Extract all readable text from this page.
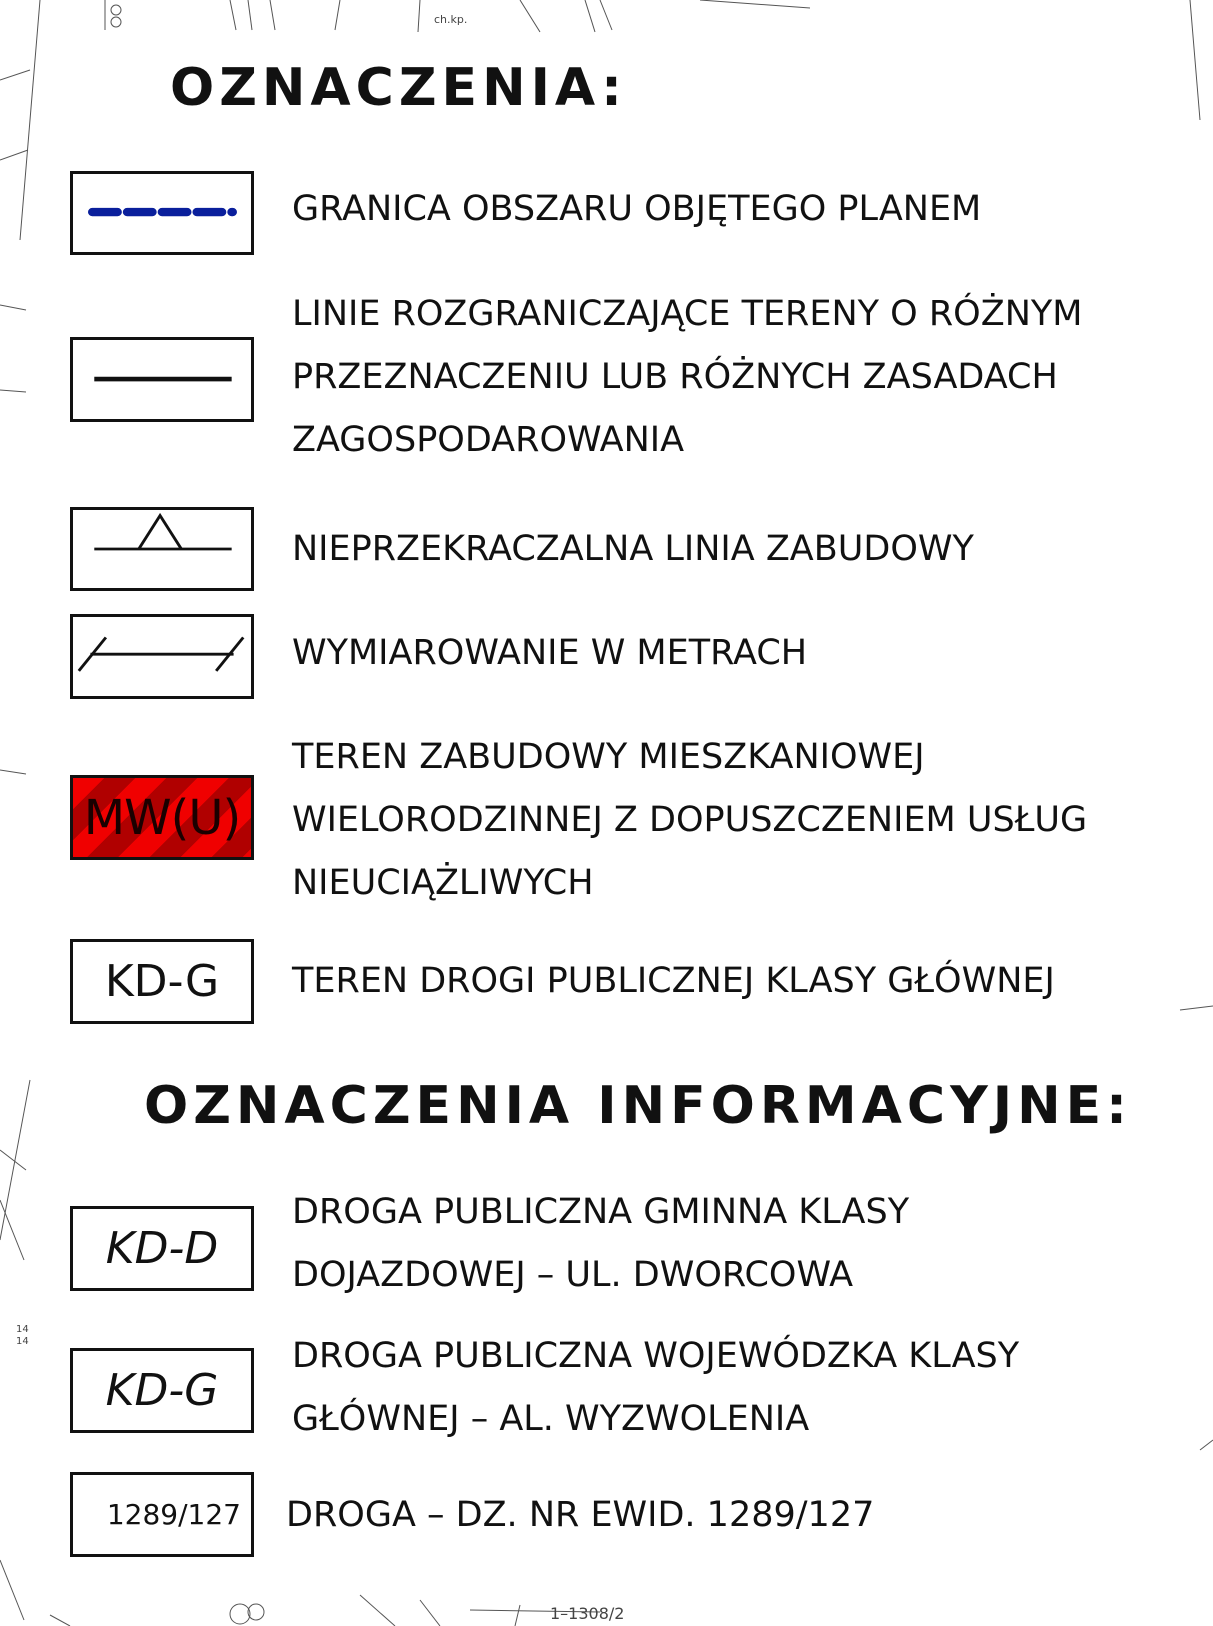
ch.kp.
14
14
1–1308/2
OZNACZENIA:
OZNACZENIA INFORMACYJNE:
GRANICA OBSZARU OBJĘTEGO PLANEM
LINIE ROZGRANICZAJĄCE TERENY O RÓŻNYM
PRZEZNACZENIU LUB RÓŻNYCH ZASADACH
ZAGOSPODAROWANIA
NIEPRZEKRACZALNA LINIA ZABUDOWY
WYMIAROWANIE W METRACH
MW(U)
TEREN ZABUDOWY MIESZKANIOWEJ
WIELORODZINNEJ Z DOPUSZCZENIEM USŁUG
NIEUCIĄŻLIWYCH
KD-G	TEREN DROGI PUBLICZNEJ KLASY GŁÓWNEJ
KD-D
DROGA PUBLICZNA GMINNA KLASY
DOJAZDOWEJ – UL. DWORCOWA
KD-G
DROGA PUBLICZNA WOJEWÓDZKA KLASY
GŁÓWNEJ – AL. WYZWOLENIA
1289/127 DROGA – DZ. NR EWID. 1289/127
